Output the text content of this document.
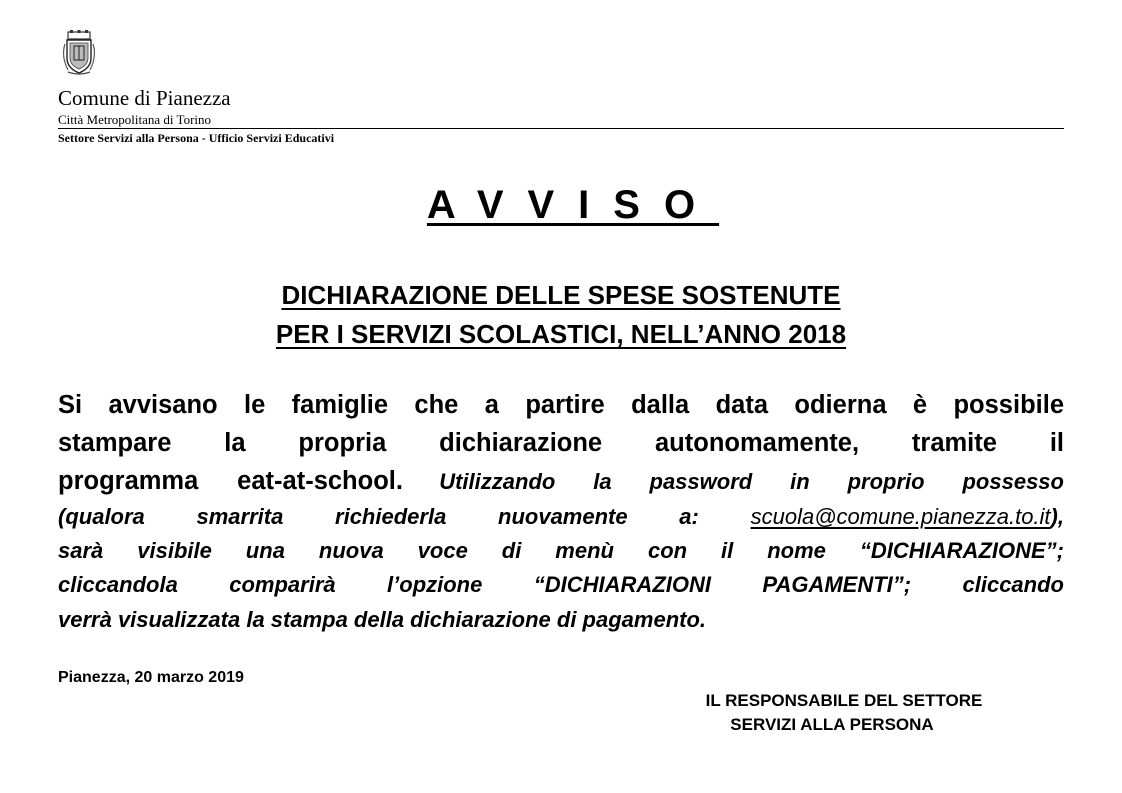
Comune di Pianezza
Città Metropolitana di Torino
Settore Servizi alla Persona - Ufficio Servizi Educativi
AVVISO
DICHIARAZIONE DELLE SPESE SOSTENUTE
PER I SERVIZI SCOLASTICI, NELL’ANNO 2018
Si avvisano le famiglie che a partire dalla data odierna è possibile
stampare la propria dichiarazione autonomamente, tramite il
programma eat-at-school. Utilizzando la password in proprio possesso
(qualora smarrita richiederla nuovamente a: scuola@comune.pianezza.to.it),
sarà visibile una nuova voce di menù con il nome “DICHIARAZIONE”;
cliccandola comparirà l’opzione “DICHIARAZIONI PAGAMENTI”; cliccando
verrà visualizzata la stampa della dichiarazione di pagamento.
Pianezza, 20 marzo 2019
IL RESPONSABILE DEL SETTORE
SERVIZI ALLA PERSONA
